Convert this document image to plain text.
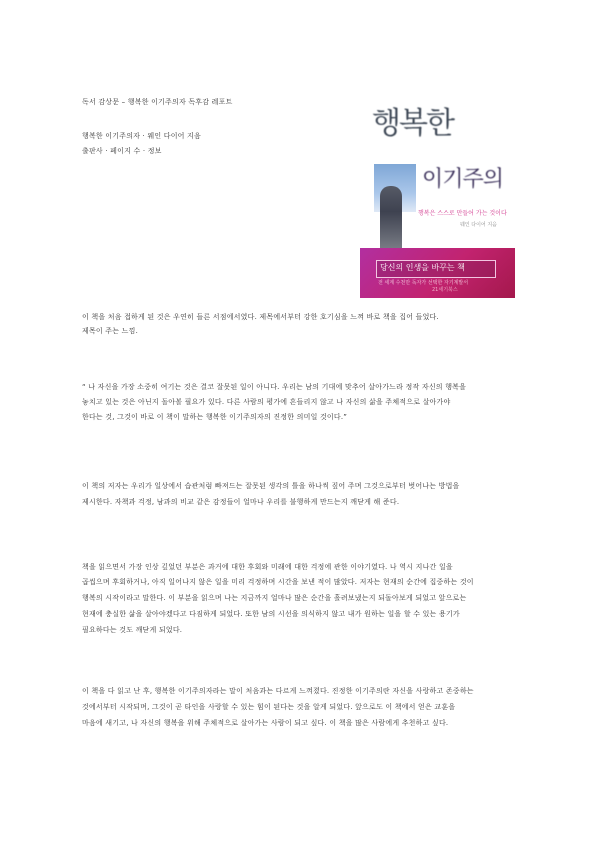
독서 감상문 – 행복한 이기주의자 독후감 레포트
행복한 이기주의자 · 웨인 다이어 지음
출판사 · 페이지 수 · 정보
행복한
이기주의
행복은 스스로 만들어 가는 것이다
웨인 다이어 지음
당신의 인생을 바꾸는 책
전 세계 수천만 독자가 선택한 자기계발서
21세기북스
이 책을 처음 접하게 된 것은 우연히 들른 서점에서였다. 제목에서부터 강한 호기심을 느껴 바로 책을 집어 들었다.
제목이 주는 느낌.
“ 나 자신을 가장 소중히 여기는 것은 결코 잘못된 일이 아니다. 우리는 남의 기대에 맞추어 살아가느라 정작 자신의 행복을
놓치고 있는 것은 아닌지 돌아볼 필요가 있다. 다른 사람의 평가에 흔들리지 않고 나 자신의 삶을 주체적으로 살아가야
한다는 것, 그것이 바로 이 책이 말하는 행복한 이기주의자의 진정한 의미일 것이다.”
이 책의 저자는 우리가 일상에서 습관처럼 빠져드는 잘못된 생각의 틀을 하나씩 짚어 주며 그것으로부터 벗어나는 방법을
제시한다. 자책과 걱정, 남과의 비교 같은 감정들이 얼마나 우리를 불행하게 만드는지 깨닫게 해 준다.
책을 읽으면서 가장 인상 깊었던 부분은 과거에 대한 후회와 미래에 대한 걱정에 관한 이야기였다. 나 역시 지나간 일을
곱씹으며 후회하거나, 아직 일어나지 않은 일을 미리 걱정하며 시간을 보낸 적이 많았다. 저자는 현재의 순간에 집중하는 것이
행복의 시작이라고 말한다. 이 부분을 읽으며 나는 지금까지 얼마나 많은 순간을 흘려보냈는지 되돌아보게 되었고 앞으로는
현재에 충실한 삶을 살아야겠다고 다짐하게 되었다. 또한 남의 시선을 의식하지 않고 내가 원하는 일을 할 수 있는 용기가
필요하다는 것도 깨닫게 되었다.
이 책을 다 읽고 난 후, 행복한 이기주의자라는 말이 처음과는 다르게 느껴졌다. 진정한 이기주의란 자신을 사랑하고 존중하는
것에서부터 시작되며, 그것이 곧 타인을 사랑할 수 있는 힘이 된다는 것을 알게 되었다. 앞으로도 이 책에서 얻은 교훈을
마음에 새기고, 나 자신의 행복을 위해 주체적으로 살아가는 사람이 되고 싶다. 이 책을 많은 사람에게 추천하고 싶다.
